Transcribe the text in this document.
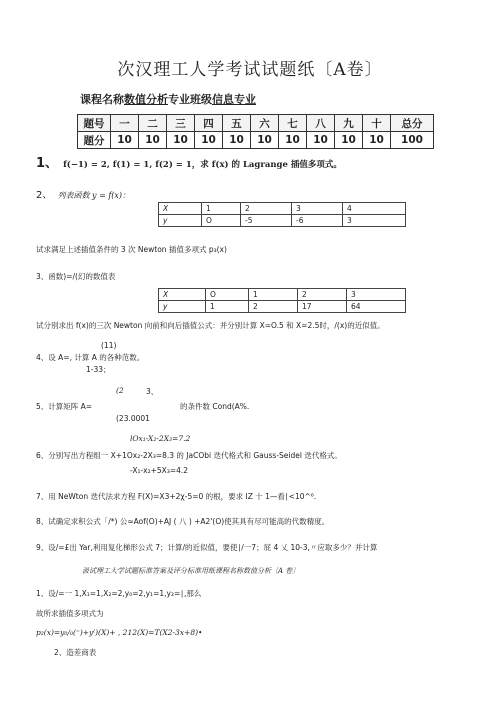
次汉理工人学考试试题纸〔A卷〕
课程名称数值分析专业班级信息专业
题号	一	二	三	四	五	六	七	八	九	十	总分
题分	10	10	10	10	10	10	10	10	10	10	100
1、 f(−1) = 2, f(1) = 1, f(2) = 1，求 f(x) 的 Lagrange 插值多项式。
2、 列表函数 y = f(x)：
X	1	2	3	4
y	O	-5	-6	3
试求满足上述插值条件的 3 次 Newton 插值多项式 p₃(x)
3、函数)=/(幻的数值表
X	O	1	2	3
y	1	2	17	64
试分别求出 f(x)的三次 Newton 向前和向后插值公式：并分别计算 X=O.5 和 X=2.5时，/(x)的近似值。
(11)
4、设 A=, 计算 A 的各种范数。
1-33；
(2	3、
5、计算矩阵 A=	的条件数 Cond(A%.
(23.0001
lOx₁-X₂-2X₃=7.2
6、分别写出方程组一 X+1Ox₂-2X₃=8.3 的 JaCObi 迭代格式和 Gauss-Seidel 迭代格式。
-X₁-x₂+5X₃=4.2
7、用 NeWton 迭代法求方程 F(X)=X3+2χ-5=0 的根，要求 IZ 十 1—看∣<10^⁶.
8、试确定求积公式「/*) 公≈Aof(O)+AJ ( 八 ) +A2'(O)使其具有尽可能高的代数精度。
9、设/=£出 Yar,利用复化梯形公式 7；计算/的近似值，要使∣/一7；屁 4 乂 10-3,〃应取多少？并计算
汲试理工大学试题标准答案及评分标准用纸课程名称数值分析〔A 卷〕
1、设/=一 1,X₁=1,X₂=2,y₀=2,y₁=1,y₂=∣,那么
故所求插值多项式为
p₂(x)=y₀/₀(⁼)+y⁽)(X)+ , 212(X)=T(X2-3x+8)•
2、造差商表
